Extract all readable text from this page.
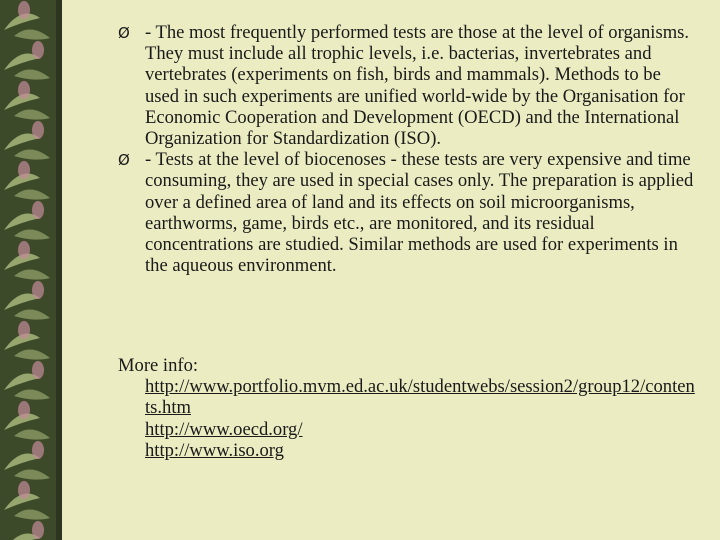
Ø - The most frequently performed tests are those at the level of organisms. They must include all trophic levels, i.e. bacterias, invertebrates and vertebrates (experiments on fish, birds and mammals). Methods to be used in such experiments are unified world-wide by the Organisation for Economic Cooperation and Development (OECD) and the International Organization for Standardization (ISO).
Ø - Tests at the level of biocenoses - these tests are very expensive and time consuming, they are used in special cases only. The preparation is applied over a defined area of land and its effects on soil microorganisms, earthworms, game, birds etc., are monitored, and its residual concentrations are studied. Similar methods are used for experiments in the aqueous environment.
More info:
http://www.portfolio.mvm.ed.ac.uk/studentwebs/session2/group12/contents.htm
http://www.oecd.org/
http://www.iso.org
